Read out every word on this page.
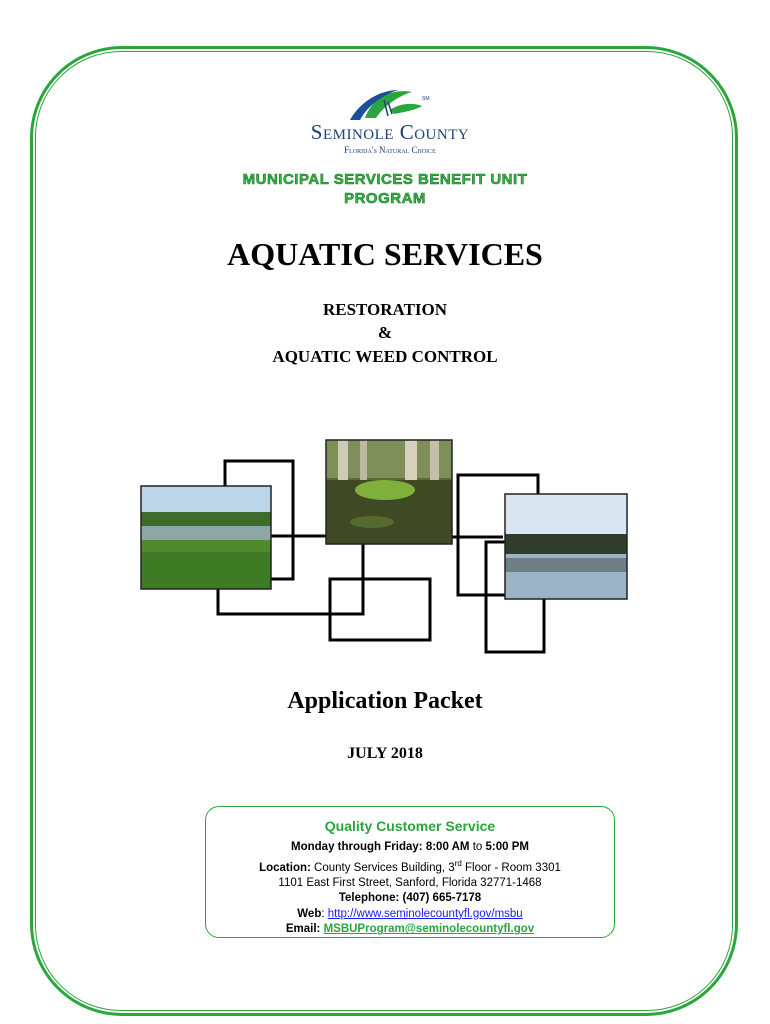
SM
Seminole County
Florida's Natural Choice
MUNICIPAL SERVICES BENEFIT UNIT
PROGRAM
AQUATIC SERVICES
RESTORATION
&
AQUATIC WEED CONTROL
Application Packet
JULY 2018
Quality Customer Service
Monday through Friday: 8:00 AM to 5:00 PM
Location: County Services Building, 3rd Floor - Room 3301
1101 East First Street, Sanford, Florida 32771-1468
Telephone: (407) 665-7178
Web: http://www.seminolecountyfl.gov/msbu
Email: MSBUProgram@seminolecountyfl.gov
